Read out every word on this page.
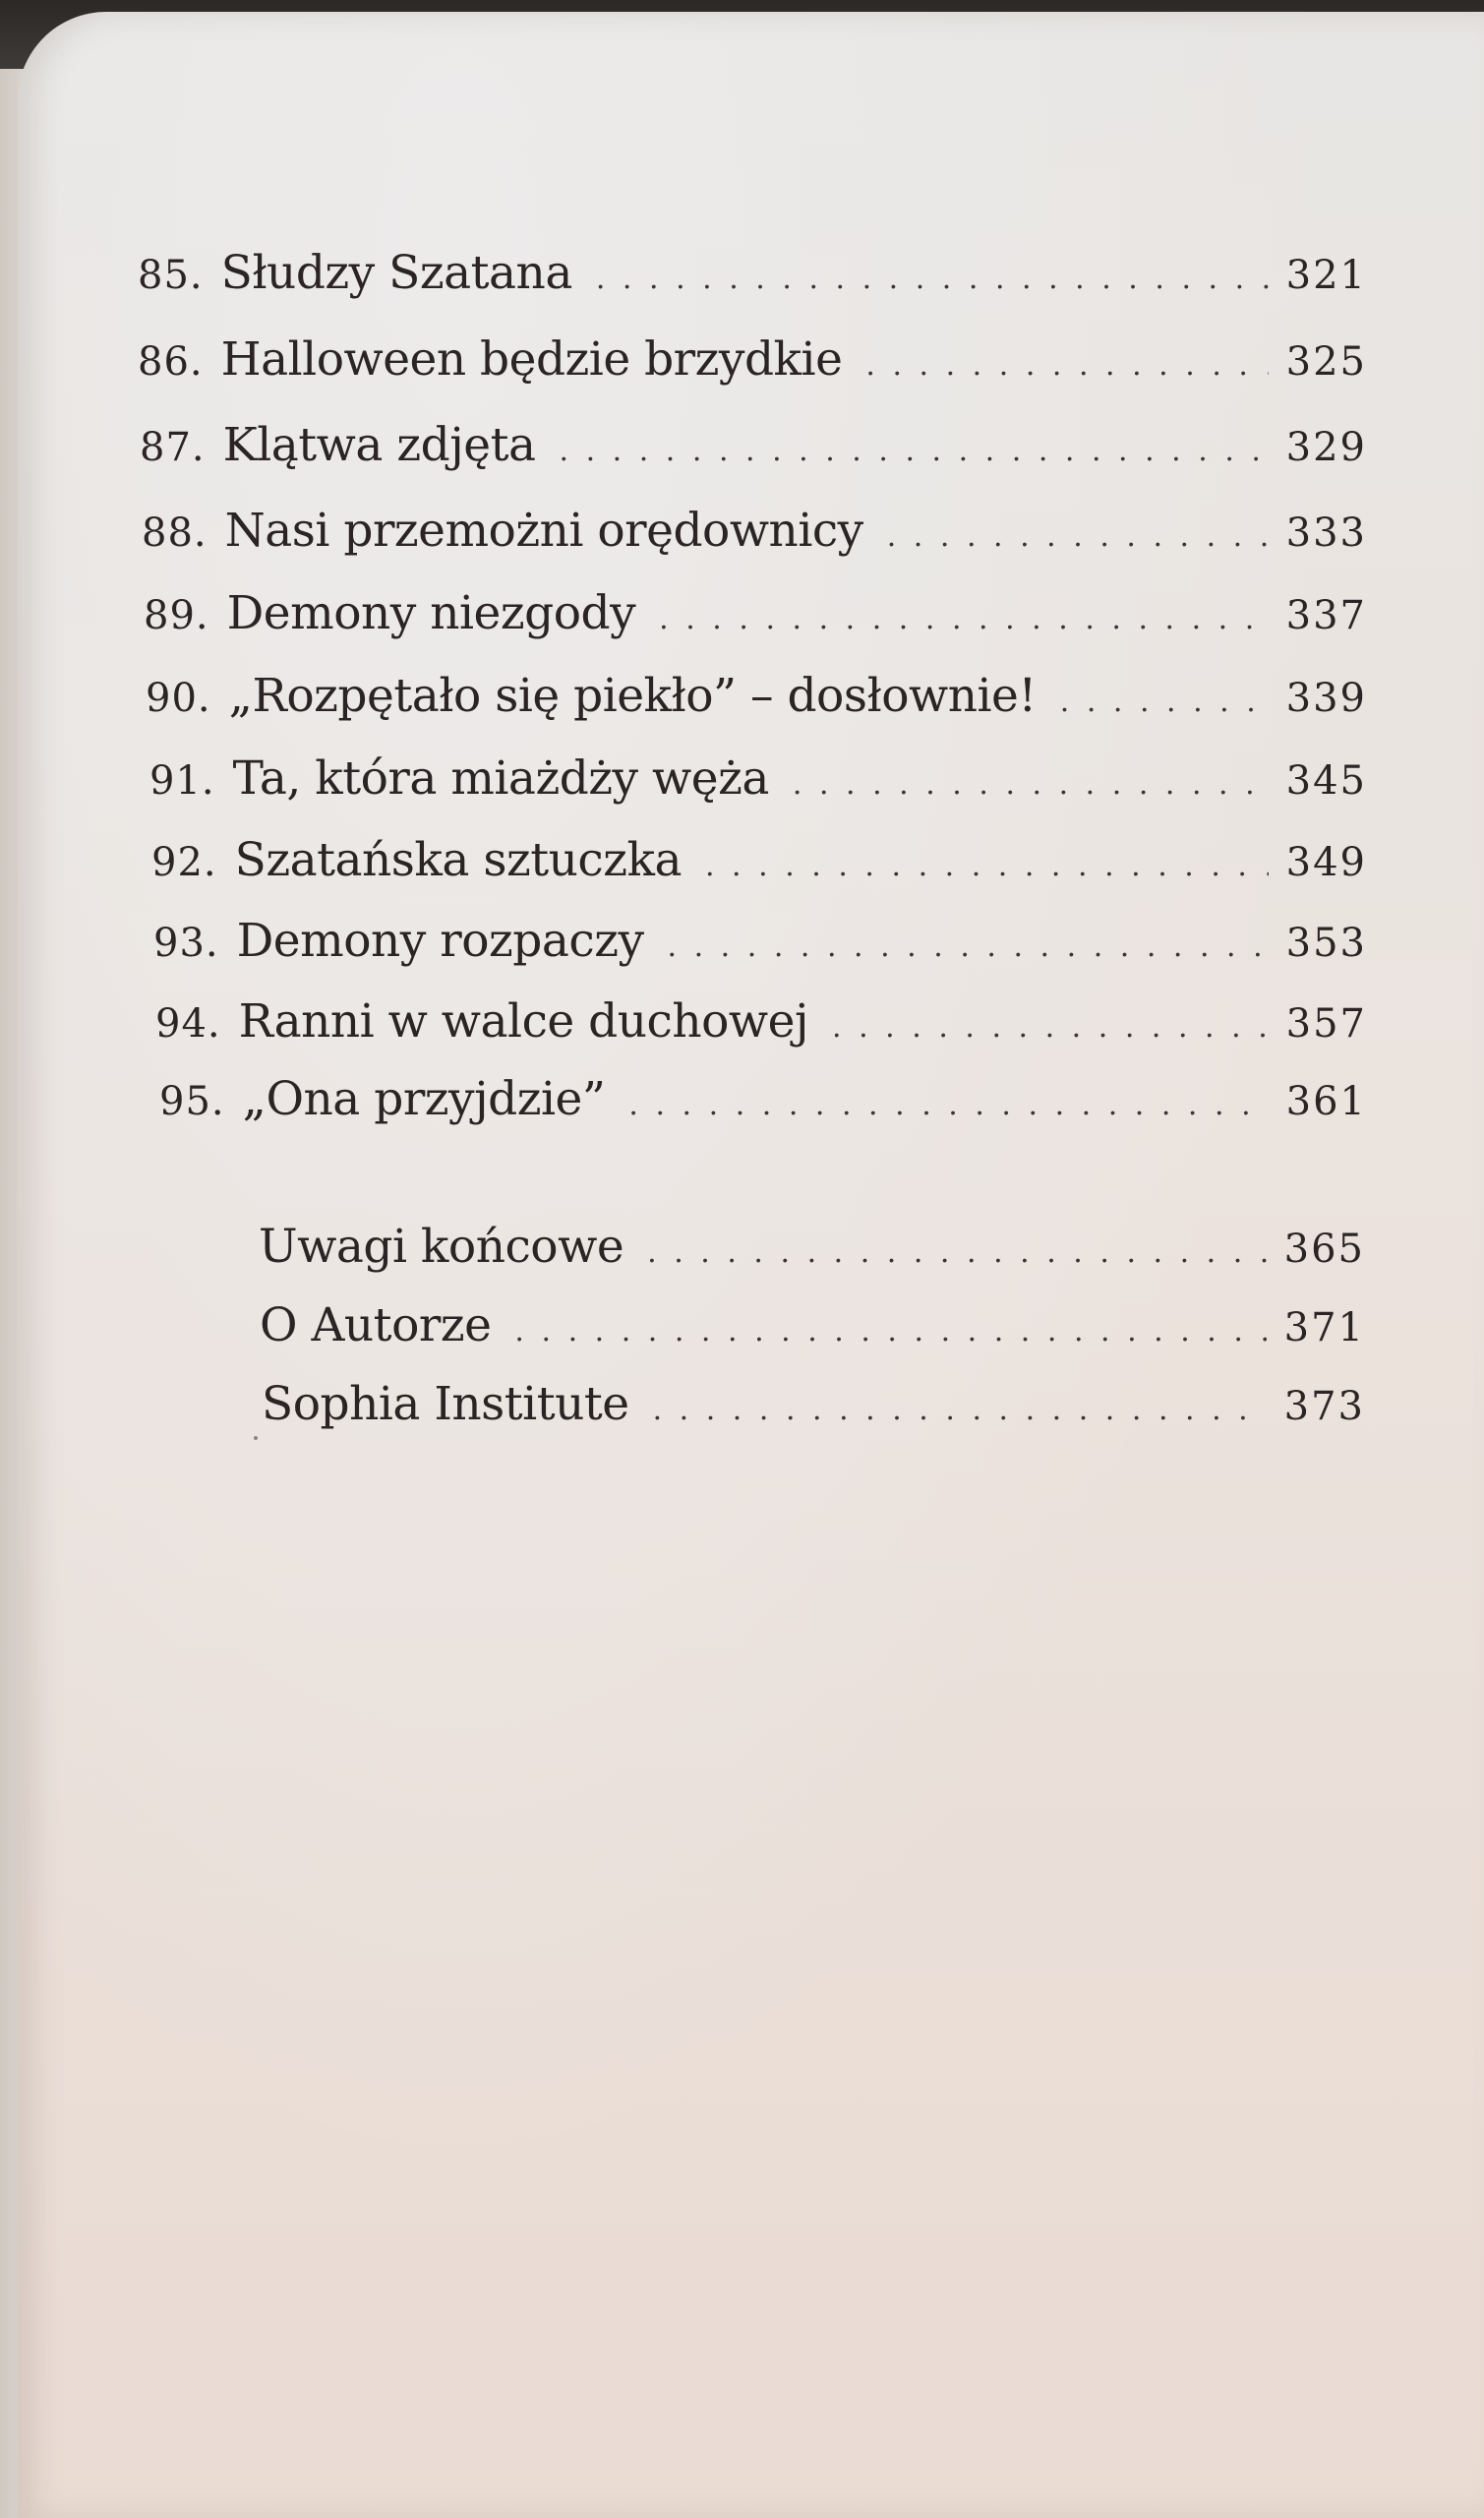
85. Słudzy Szatana . . .	321
86. Halloween będzie brzydkie . . .	325
87. Klątwa zdjęta . . .	329
88. Nasi przemożni orędownicy . . .	333
89. Demony niezgody . . .	337
90. „Rozpętało się piekło” – dosłownie! . . .	339
91. Ta, która miażdży węża . . .	345
92. Szatańska sztuczka . . .	349
93. Demony rozpaczy . . .	353
94. Ranni w walce duchowej . . .	357
95. „Ona przyjdzie” . . .	361
Uwagi końcowe . . .	365
O Autorze . . .	371
Sophia Institute . . .	373
